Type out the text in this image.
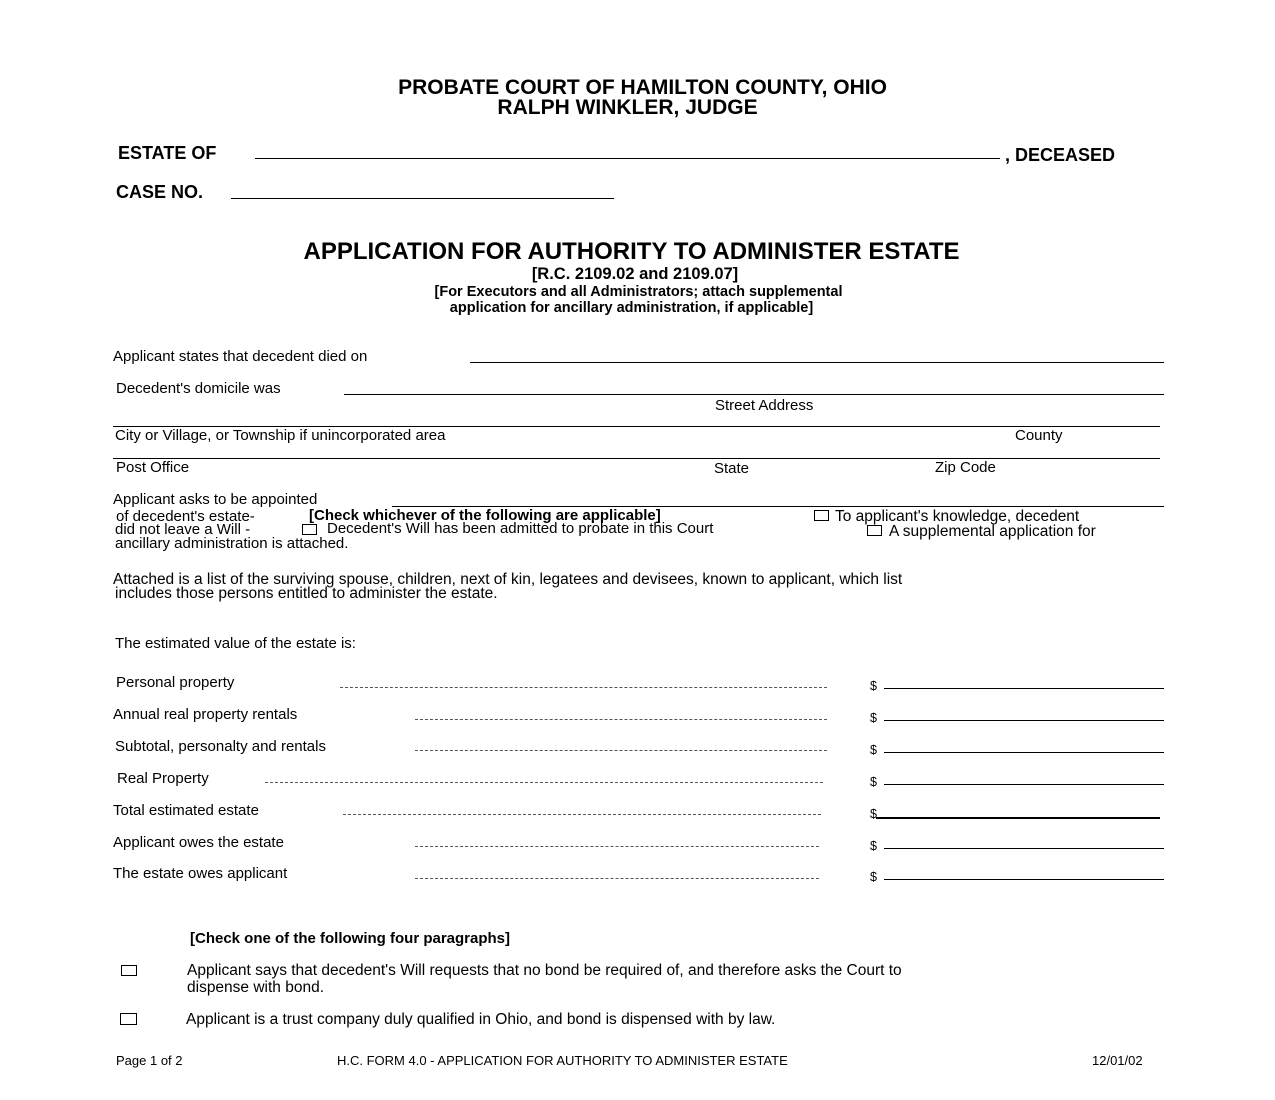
PROBATE COURT OF HAMILTON COUNTY, OHIO
RALPH WINKLER, JUDGE
ESTATE OF	, DECEASED
CASE NO.
APPLICATION FOR AUTHORITY TO ADMINISTER ESTATE
[R.C. 2109.02 and 2109.07]
[For Executors and all Administrators; attach supplemental
application for ancillary administration, if applicable]
Applicant states that decedent died on
Decedent's domicile was
Street Address
City or Village, or Township if unincorporated area	County
Post Office	State	Zip Code
Applicant asks to be appointed
of decedent's estate-	[Check whichever of the following are applicable]	To applicant's knowledge, decedent
did not leave a Will -	Decedent's Will has been admitted to probate in this Court	A supplemental application for
ancillary administration is attached.
Attached is a list of the surviving spouse, children, next of kin, legatees and devisees, known to applicant, which list
includes those persons entitled to administer the estate.
The estimated value of the estate is:
Personal property	$
Annual real property rentals	$
Subtotal, personalty and rentals	$
Real Property	$
Total estimated estate	$
Applicant owes the estate	$
The estate owes applicant	$
[Check one of the following four paragraphs]
Applicant says that decedent's Will requests that no bond be required of, and therefore asks the Court to
dispense with bond.
Applicant is a trust company duly qualified in Ohio, and bond is dispensed with by law.
Page 1 of 2	H.C. FORM 4.0 - APPLICATION FOR AUTHORITY TO ADMINISTER ESTATE	12/01/02
